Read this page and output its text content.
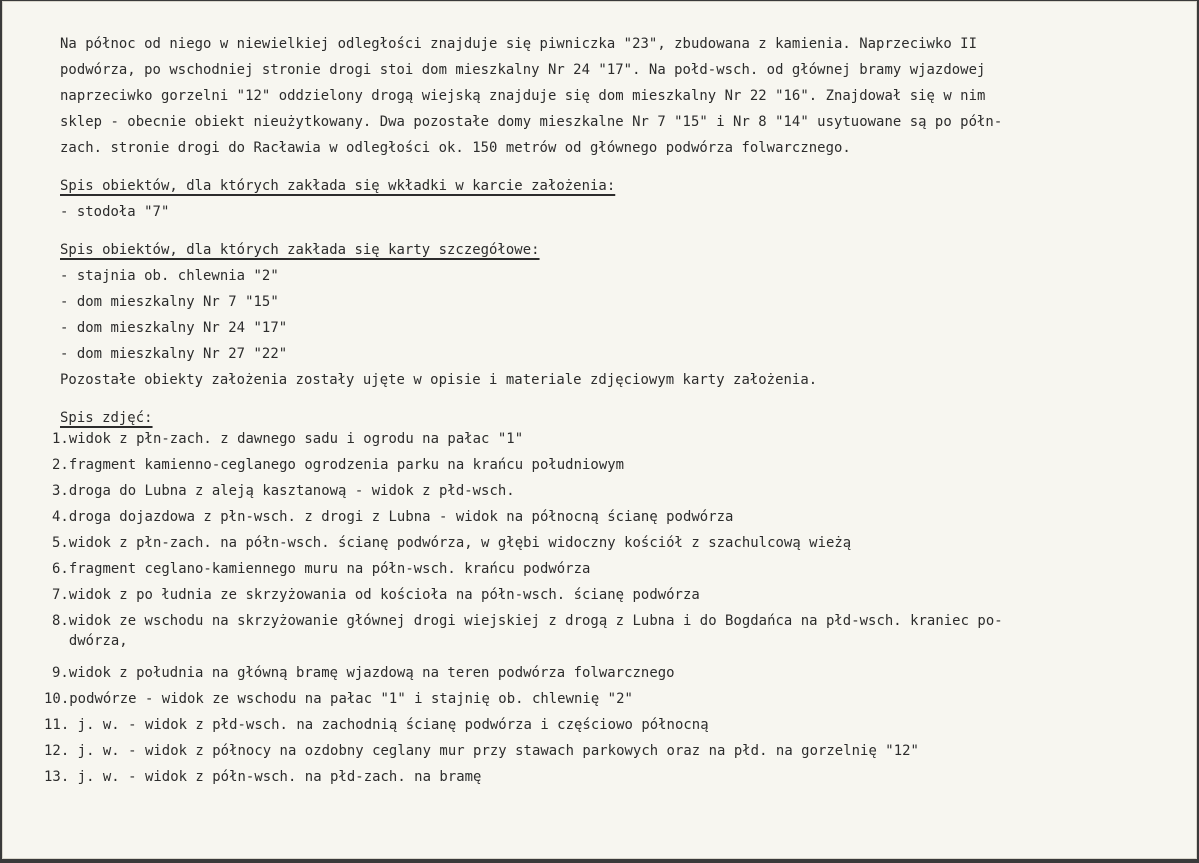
Na północ od niego w niewielkiej odległości znajduje się piwniczka "23", zbudowana z kamienia. Naprzeciwko II

podwórza, po wschodniej stronie drogi stoi dom mieszkalny Nr 24 "17". Na połd-wsch. od głównej bramy wjazdowej

naprzeciwko gorzelni "12" oddzielony drogą wiejską znajduje się dom mieszkalny Nr 22 "16". Znajdował się w nim

sklep - obecnie obiekt nieużytkowany. Dwa pozostałe domy mieszkalne Nr 7 "15" i Nr 8 "14" usytuowane są po półn-

zach. stronie drogi do Racławia w odległości ok. 150 metrów od głównego podwórza folwarcznego.

Spis obiektów, dla których zakłada się wkładki w karcie założenia:

- stodoła "7"

Spis obiektów, dla których zakłada się karty szczegółowe:

- stajnia ob. chlewnia "2"

- dom mieszkalny Nr 7 "15"

- dom mieszkalny Nr 24 "17"

- dom mieszkalny Nr 27 "22"

Pozostałe obiekty założenia zostały ujęte w opisie i materiale zdjęciowym karty założenia.

Spis zdjęć:

1.widok z płn-zach. z dawnego sadu i ogrodu na pałac "1"

2.fragment kamienno-ceglanego ogrodzenia parku na krańcu południowym

3.droga do Lubna z aleją kasztanową - widok z płd-wsch.

4.droga dojazdowa z płn-wsch. z drogi z Lubna - widok na północną ścianę podwórza

5.widok z płn-zach. na półn-wsch. ścianę podwórza, w głębi widoczny kościół z szachulcową wieżą

6.fragment ceglano-kamiennego muru na półn-wsch. krańcu podwórza

7.widok z po łudnia ze skrzyżowania od kościoła na półn-wsch. ścianę podwórza

8.widok ze wschodu na skrzyżowanie głównej drogi wiejskiej z drogą z Lubna i do Bogdańca na płd-wsch. kraniec po-

dwórza,

9.widok z południa na główną bramę wjazdową na teren podwórza folwarcznego

10.podwórze - widok ze wschodu na pałac "1" i stajnię ob. chlewnię "2"

11. j. w. - widok z płd-wsch. na zachodnią ścianę podwórza i częściowo północną

12. j. w. - widok z północy na ozdobny ceglany mur przy stawach parkowych oraz na płd. na gorzelnię "12"

13. j. w. - widok z półn-wsch. na płd-zach. na bramę
